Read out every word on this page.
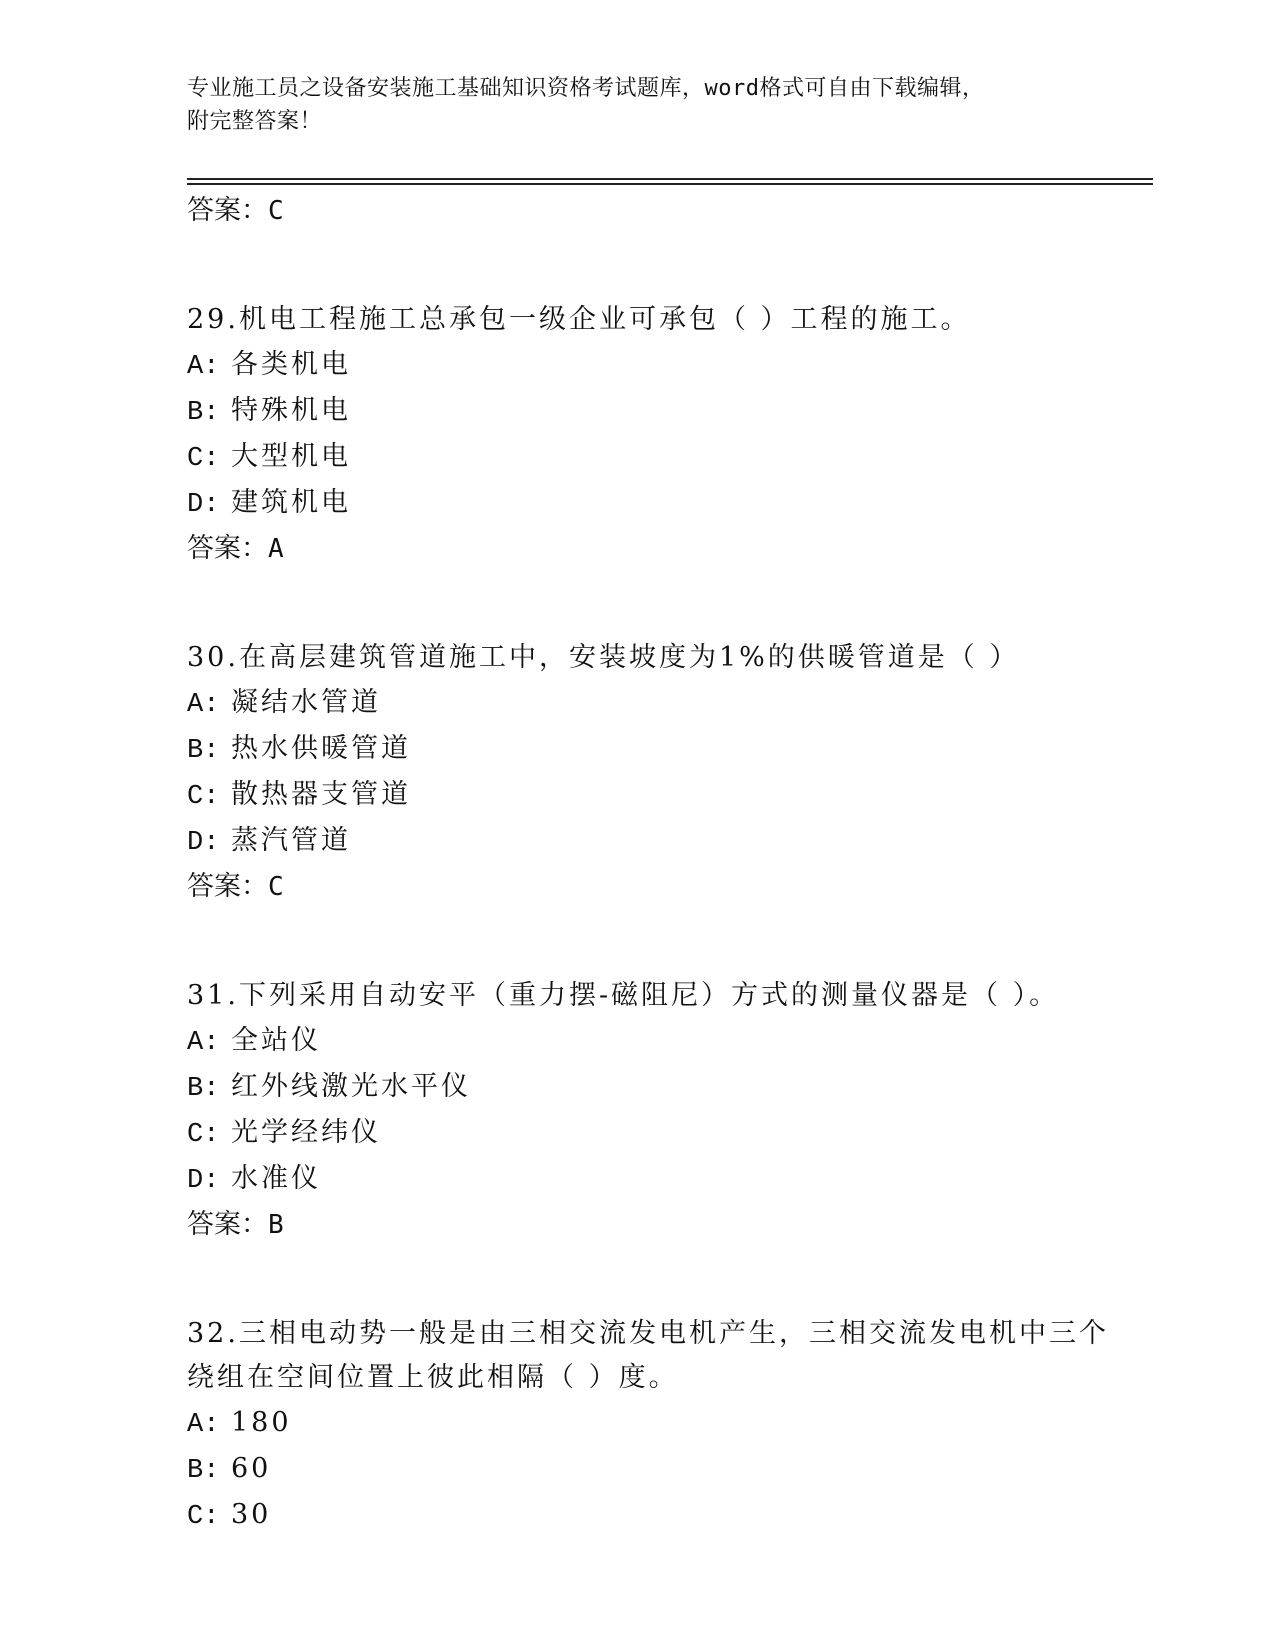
专业施工员之设备安装施工基础知识资格考试题库，word格式可自由下载编辑，
附完整答案！
答案：C
29.机电工程施工总承包一级企业可承包（ ）工程的施工。
A: 各类机电
B: 特殊机电
C: 大型机电
D: 建筑机电
答案：A
30.在高层建筑管道施工中，安装坡度为1%的供暖管道是（ ）
A: 凝结水管道
B: 热水供暖管道
C: 散热器支管道
D: 蒸汽管道
答案：C
31.下列采用自动安平（重力摆-磁阻尼）方式的测量仪器是（ ）。
A: 全站仪
B: 红外线激光水平仪
C: 光学经纬仪
D: 水准仪
答案：B
32.三相电动势一般是由三相交流发电机产生，三相交流发电机中三个
绕组在空间位置上彼此相隔（ ）度。
A: 180
B: 60
C: 30
